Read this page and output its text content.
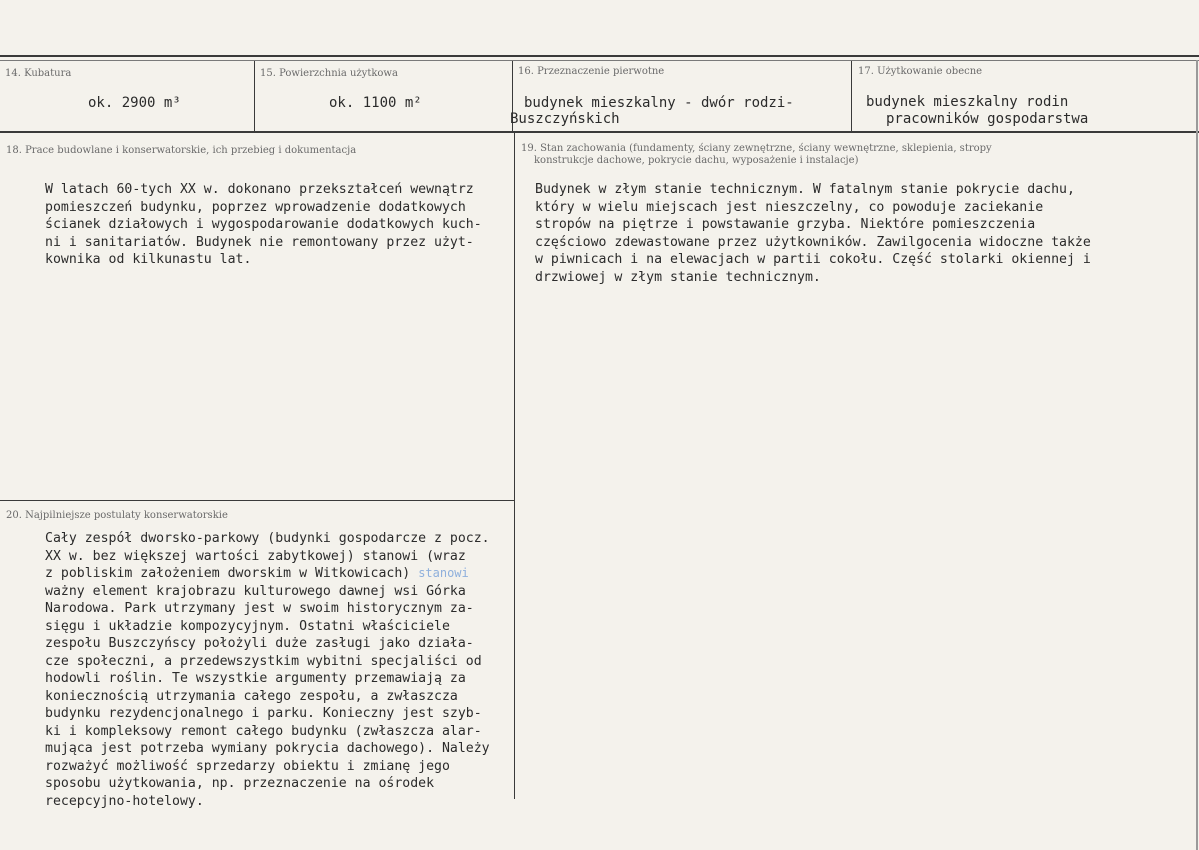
14. Kubatura
ok. 2900 m³
15. Powierzchnia użytkowa
ok. 1100 m²
16. Przeznaczenie pierwotne
budynek mieszkalny - dwór rodzi-
Buszczyńskich
17. Użytkowanie obecne
budynek mieszkalny rodin
pracowników gospodarstwa
18. Prace budowlane i konserwatorskie, ich przebieg i dokumentacja
W latach 60-tych XX w. dokonano przekształceń wewnątrz
pomieszczeń budynku, poprzez wprowadzenie dodatkowych
ścianek działowych i wygospodarowanie dodatkowych kuch-
ni i sanitariatów. Budynek nie remontowany przez użyt-
kownika od kilkunastu lat.
19. Stan zachowania (fundamenty, ściany zewnętrzne, ściany wewnętrzne, sklepienia, stropy
konstrukcje dachowe, pokrycie dachu, wyposażenie i instalacje)
Budynek w złym stanie technicznym. W fatalnym stanie pokrycie dachu,
który w wielu miejscach jest nieszczelny, co powoduje zaciekanie
stropów na piętrze i powstawanie grzyba. Niektóre pomieszczenia
częściowo zdewastowane przez użytkowników. Zawilgocenia widoczne także
w piwnicach i na elewacjach w partii cokołu. Część stolarki okiennej i
drzwiowej w złym stanie technicznym.
20. Najpilniejsze postulaty konserwatorskie
Cały zespół dworsko-parkowy (budynki gospodarcze z pocz.
XX w. bez większej wartości zabytkowej) stanowi (wraz
z pobliskim założeniem dworskim w Witkowicach) stanowi
ważny element krajobrazu kulturowego dawnej wsi Górka
Narodowa. Park utrzymany jest w swoim historycznym za-
sięgu i układzie kompozycyjnym. Ostatni właściciele
zespołu Buszczyńscy położyli duże zasługi jako działa-
cze społeczni, a przedewszystkim wybitni specjaliści od
hodowli roślin. Te wszystkie argumenty przemawiają za
koniecznością utrzymania całego zespołu, a zwłaszcza
budynku rezydencjonalnego i parku. Konieczny jest szyb-
ki i kompleksowy remont całego budynku (zwłaszcza alar-
mująca jest potrzeba wymiany pokrycia dachowego). Należy
rozważyć możliwość sprzedarzy obiektu i zmianę jego
sposobu użytkowania, np. przeznaczenie na ośrodek
recepcyjno-hotelowy.
